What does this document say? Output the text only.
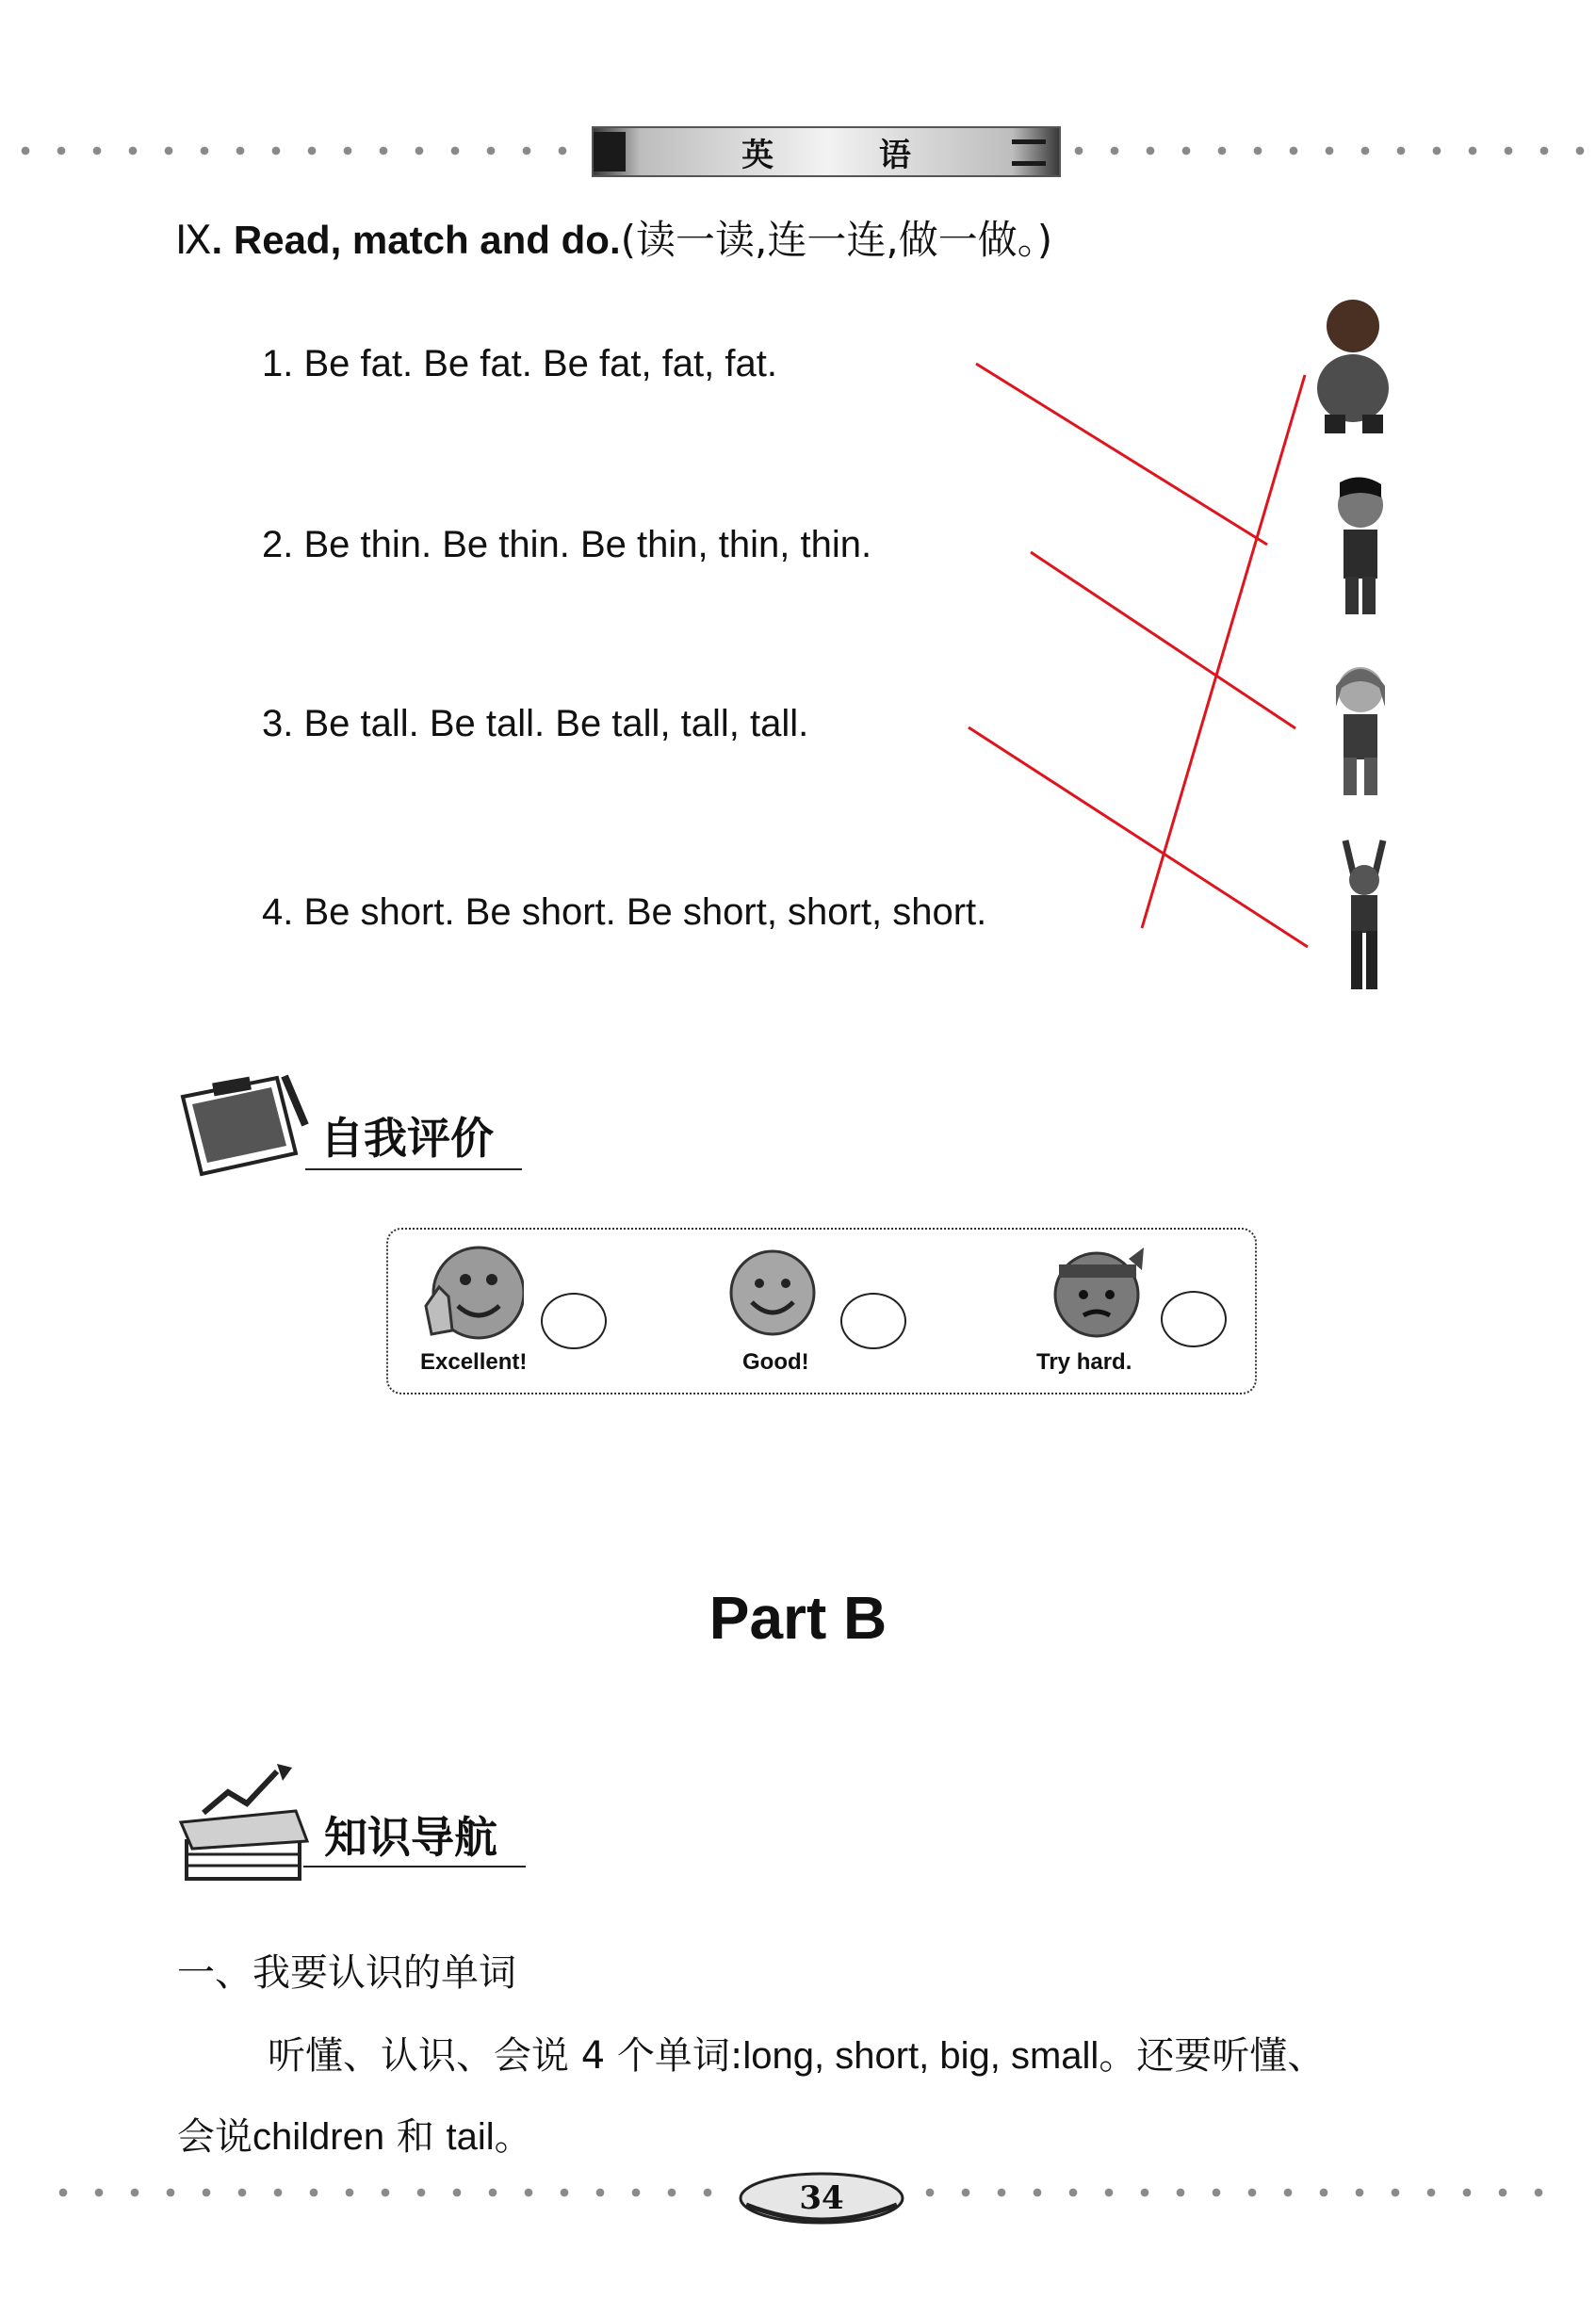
英 语
Ⅸ. Read, match and do.(读一读,连一连,做一做。)
1. Be fat. Be fat. Be fat, fat, fat.
2. Be thin. Be thin. Be thin, thin, thin.
3. Be tall. Be tall. Be tall, tall, tall.
4. Be short. Be short. Be short, short, short.
自我评价
Excellent!	Good!	Try hard.
Part B
知识导航
一、我要认识的单词
听懂、认识、会说 4 个单词:long, short, big, small。还要听懂、
会说children 和 tail。
34
